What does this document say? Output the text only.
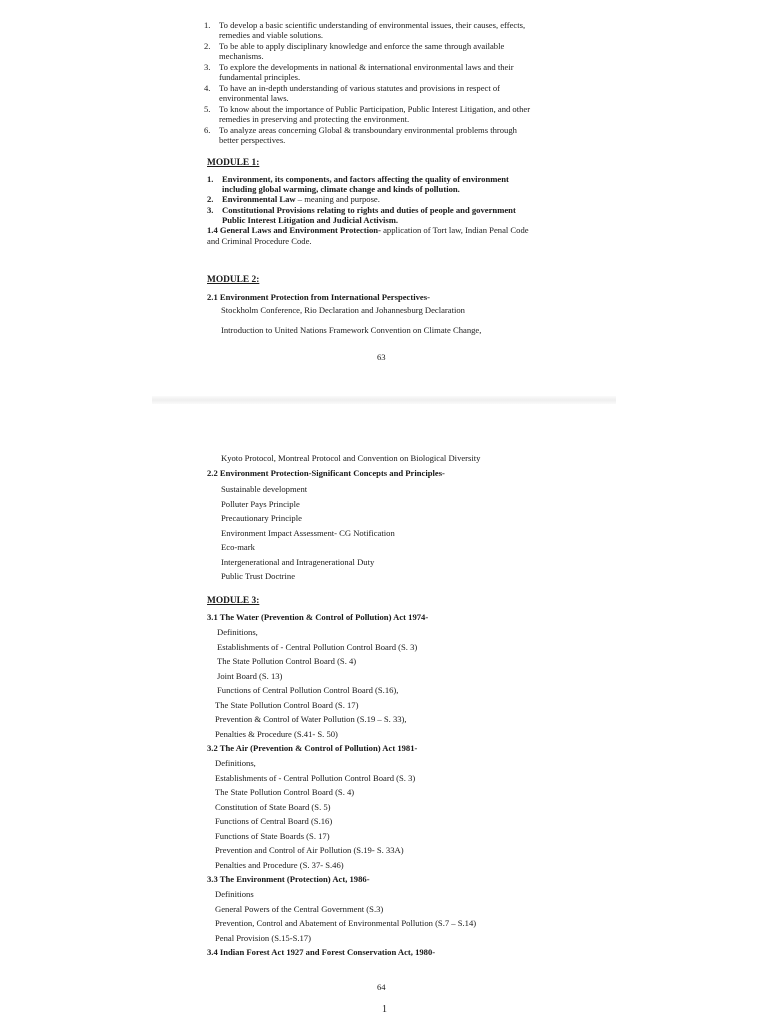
1. To develop a basic scientific understanding of environmental issues, their causes, effects,
remedies and viable solutions.
2. To be able to apply disciplinary knowledge and enforce the same through available
mechanisms.
3. To explore the developments in national & international environmental laws and their
fundamental principles.
4. To have an in-depth understanding of various statutes and provisions in respect of
environmental laws.
5. To know about the importance of Public Participation, Public Interest Litigation, and other
remedies in preserving and protecting the environment.
6. To analyze areas concerning Global & transboundary environmental problems through
better perspectives.
MODULE 1:
1. Environment, its components, and factors affecting the quality of environment
including global warming, climate change and kinds of pollution.
2. Environmental Law – meaning and purpose.
3. Constitutional Provisions relating to rights and duties of people and government
Public Interest Litigation and Judicial Activism.
1.4 General Laws and Environment Protection- application of Tort law, Indian Penal Code
and Criminal Procedure Code.
MODULE 2:
2.1 Environment Protection from International Perspectives-
Stockholm Conference, Rio Declaration and Johannesburg Declaration
Introduction to United Nations Framework Convention on Climate Change,
63
Kyoto Protocol, Montreal Protocol and Convention on Biological Diversity
2.2 Environment Protection-Significant Concepts and Principles-
Sustainable development
Polluter Pays Principle
Precautionary Principle
Environment Impact Assessment- CG Notification
Eco-mark
Intergenerational and Intragenerational Duty
Public Trust Doctrine
MODULE 3:
3.1 The Water (Prevention & Control of Pollution) Act 1974-
Definitions,
Establishments of - Central Pollution Control Board (S. 3)
The State Pollution Control Board (S. 4)
Joint Board (S. 13)
Functions of Central Pollution Control Board (S.16),
The State Pollution Control Board (S. 17)
Prevention & Control of Water Pollution (S.19 – S. 33),
Penalties & Procedure (S.41- S. 50)
3.2 The Air (Prevention & Control of Pollution) Act 1981-
Definitions,
Establishments of - Central Pollution Control Board (S. 3)
The State Pollution Control Board (S. 4)
Constitution of State Board (S. 5)
Functions of Central Board (S.16)
Functions of State Boards (S. 17)
Prevention and Control of Air Pollution (S.19- S. 33A)
Penalties and Procedure (S. 37- S.46)
3.3 The Environment (Protection) Act, 1986-
Definitions
General Powers of the Central Government (S.3)
Prevention, Control and Abatement of Environmental Pollution (S.7 – S.14)
Penal Provision (S.15-S.17)
3.4 Indian Forest Act 1927 and Forest Conservation Act, 1980-
64
1
